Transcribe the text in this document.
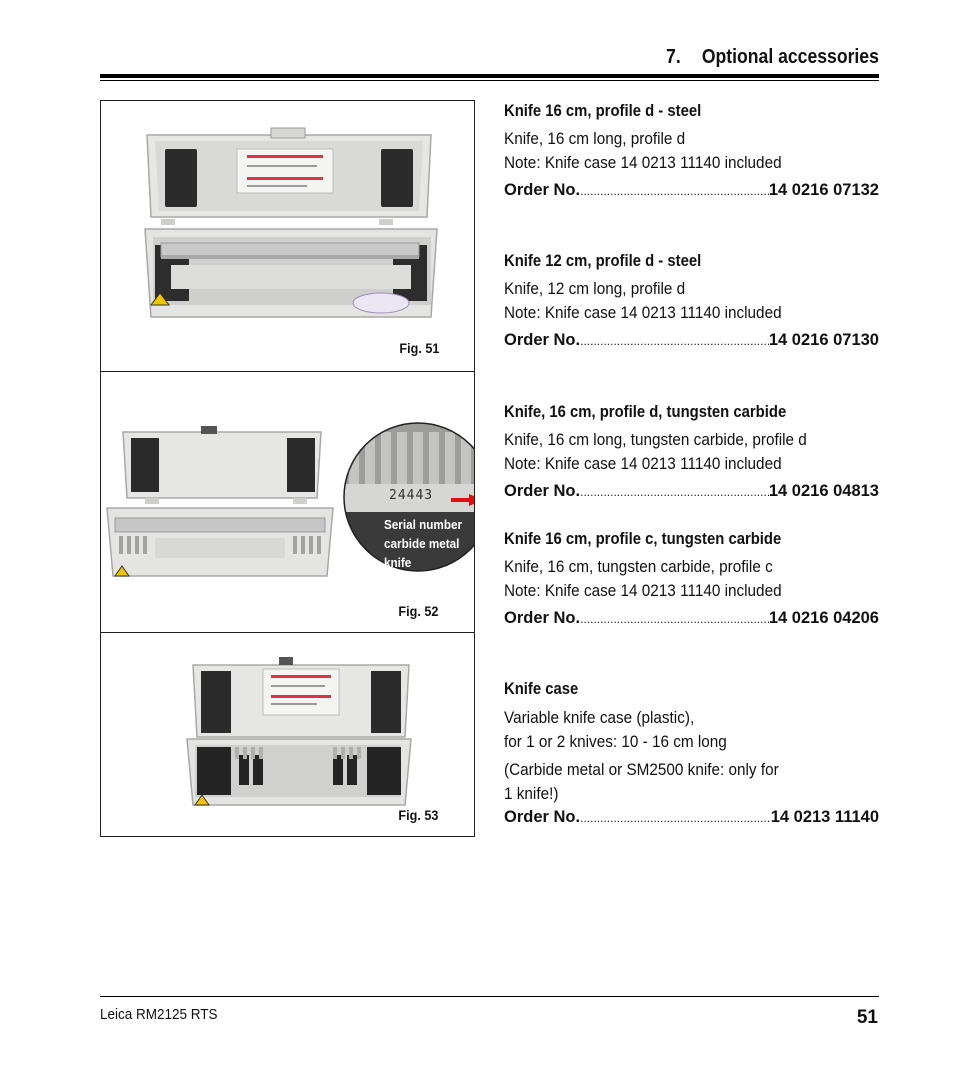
7. Optional accessories
Fig. 51
24443
Serial number
carbide metal
knife
Fig. 52
Fig. 53
Knife 16 cm, profile d - steel
Knife, 16 cm long, profile d
Note: Knife case 14 0213 11140 included
Order No. .....	14 0216 07132
Knife 12 cm, profile d - steel
Knife, 12 cm long, profile d
Note: Knife case 14 0213 11140 included
Order No. .....	14 0216 07130
Knife, 16 cm, profile d, tungsten carbide
Knife, 16 cm long, tungsten carbide, profile d
Note: Knife case 14 0213 11140 included
Order No. .....	14 0216 04813
Knife 16 cm, profile c, tungsten carbide
Knife, 16 cm, tungsten carbide, profile c
Note: Knife case 14 0213 11140 included
Order No. .....	14 0216 04206
Knife case
Variable knife case (plastic),
for 1 or 2 knives: 10 - 16 cm long
(Carbide metal or SM2500 knife: only for
1 knife!)
Order No. .....	14 0213 11140
Leica RM2125 RTS	51
